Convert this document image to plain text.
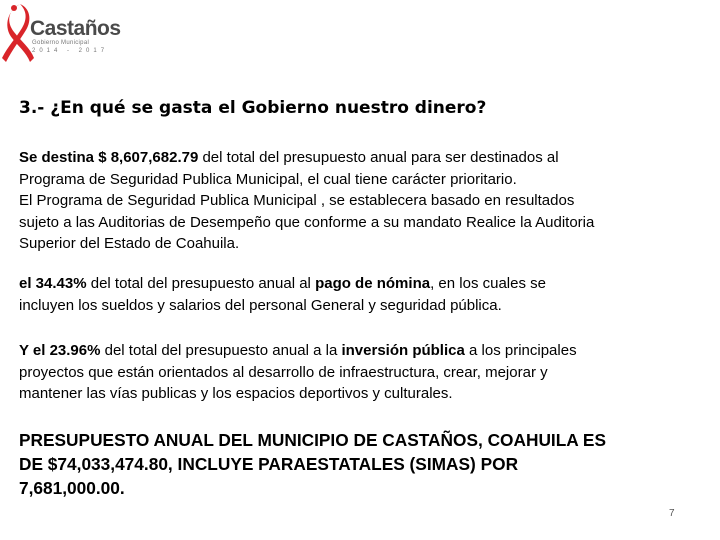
Castaños
Gobierno Municipal
2014 - 2017
3.- ¿En qué se gasta el Gobierno nuestro dinero?

Se destina $ 8,607,682.79 del total del presupuesto anual para ser destinados al
Programa de Seguridad Publica Municipal, el cual tiene carácter prioritario.
El Programa de Seguridad Publica Municipal , se establecera basado en resultados
sujeto a las Auditorias de Desempeño que conforme a su mandato Realice la Auditoria
Superior del Estado de Coahuila.

el 34.43% del total del presupuesto anual al pago de nómina, en los cuales se
incluyen los sueldos y salarios del personal General y seguridad pública.

Y el 23.96% del total del presupuesto anual a la inversión pública a los principales
proyectos que están orientados al desarrollo de infraestructura, crear, mejorar y
mantener las vías publicas y los espacios deportivos y culturales.

PRESUPUESTO ANUAL DEL MUNICIPIO DE CASTAÑOS, COAHUILA ES
DE $74,033,474.80, INCLUYE PARAESTATALES (SIMAS) POR
7,681,000.00.

7
